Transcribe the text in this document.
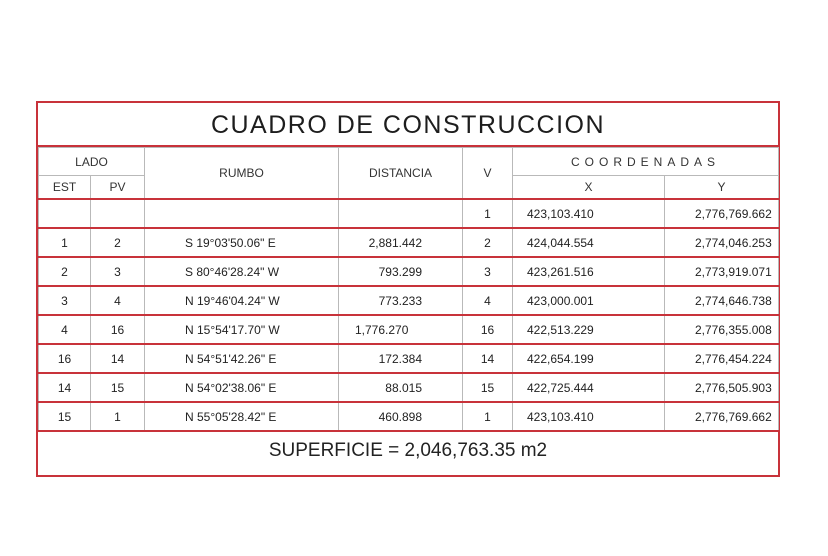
CUADRO DE CONSTRUCCION
LADO		RUMBO	DISTANCIA	V	COORDENADAS	
EST	PV				X	Y
				1	423,103.410	2,776,769.662
1	2	S 19°03'50.06" E	2,881.442	2	424,044.554	2,774,046.253
2	3	S 80°46'28.24" W	793.299	3	423,261.516	2,773,919.071
3	4	N 19°46'04.24" W	773.233	4	423,000.001	2,774,646.738
4	16	N 15°54'17.70" W	1,776.270	16	422,513.229	2,776,355.008
16	14	N 54°51'42.26" E	172.384	14	422,654.199	2,776,454.224
14	15	N 54°02'38.06" E	88.015	15	422,725.444	2,776,505.903
15	1	N 55°05'28.42" E	460.898	1	423,103.410	2,776,769.662
SUPERFICIE = 2,046,763.35 m2
